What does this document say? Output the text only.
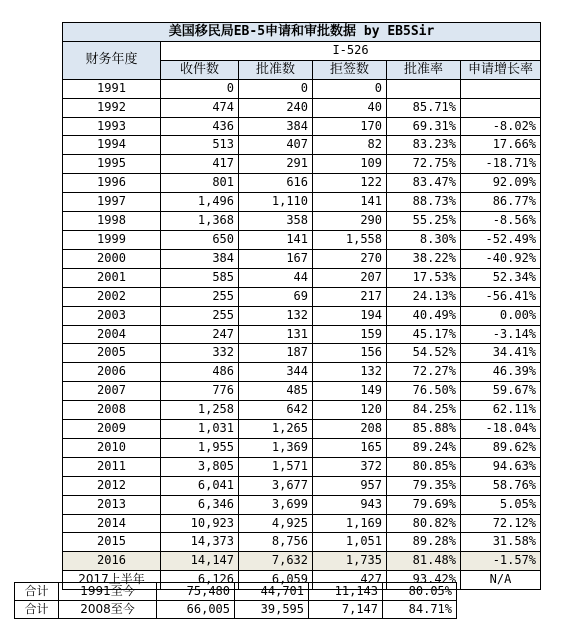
美国移民局EB-5申请和审批数据 by EB5Sir					
财务年度	I-526				
	收件数	批准数	拒签数	批准率	申请增长率
1991	0	0	0		
1992	474	240	40	85.71%	
1993	436	384	170	69.31%	-8.02%
1994	513	407	82	83.23%	17.66%
1995	417	291	109	72.75%	-18.71%
1996	801	616	122	83.47%	92.09%
1997	1,496	1,110	141	88.73%	86.77%
1998	1,368	358	290	55.25%	-8.56%
1999	650	141	1,558	8.30%	-52.49%
2000	384	167	270	38.22%	-40.92%
2001	585	44	207	17.53%	52.34%
2002	255	69	217	24.13%	-56.41%
2003	255	132	194	40.49%	0.00%
2004	247	131	159	45.17%	-3.14%
2005	332	187	156	54.52%	34.41%
2006	486	344	132	72.27%	46.39%
2007	776	485	149	76.50%	59.67%
2008	1,258	642	120	84.25%	62.11%
2009	1,031	1,265	208	85.88%	-18.04%
2010	1,955	1,369	165	89.24%	89.62%
2011	3,805	1,571	372	80.85%	94.63%
2012	6,041	3,677	957	79.35%	58.76%
2013	6,346	3,699	943	79.69%	5.05%
2014	10,923	4,925	1,169	80.82%	72.12%
2015	14,373	8,756	1,051	89.28%	31.58%
2016	14,147	7,632	1,735	81.48%	-1.57%
2017上半年	6,126	6,059	427	93.42%	N/A
合计	1991至今	75,480	44,701	11,143	80.05%
合计	2008至今	66,005	39,595	7,147	84.71%
